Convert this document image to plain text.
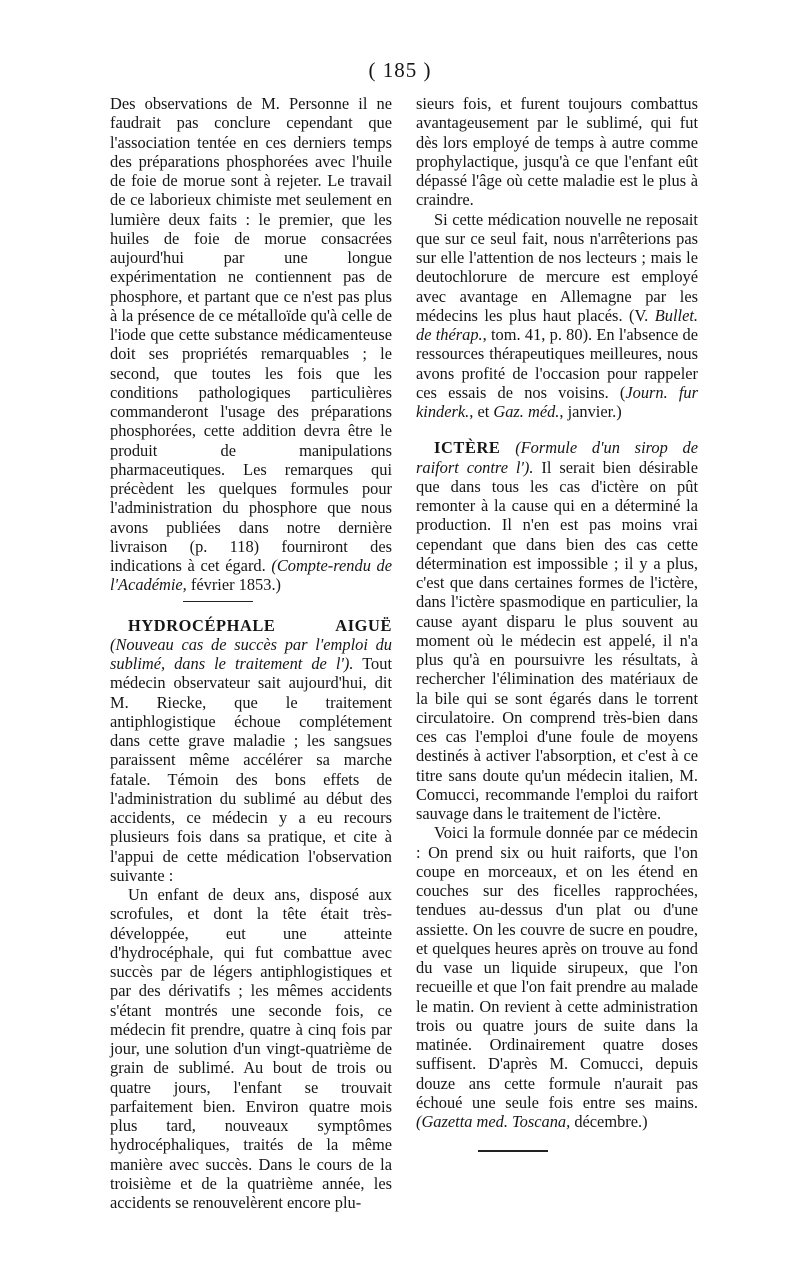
( 185 )

Des observations de M. Personne il ne faudrait pas conclure cependant que l'association tentée en ces derniers temps des préparations phosphorées avec l'huile de foie de morue sont à rejeter. Le travail de ce laborieux chimiste met seulement en lumière deux faits : le premier, que les huiles de foie de morue consacrées aujourd'hui par une longue expérimentation ne contiennent pas de phosphore, et partant que ce n'est pas plus à la présence de ce métalloïde qu'à celle de l'iode que cette substance médicamenteuse doit ses propriétés remarquables ; le second, que toutes les fois que les conditions pathologiques particulières commanderont l'usage des préparations phosphorées, cette addition devra être le produit de manipulations pharmaceutiques. Les remarques qui précèdent les quelques formules pour l'administration du phosphore que nous avons publiées dans notre dernière livraison (p. 118) fourniront des indications à cet égard. (Compte-rendu de l'Académie, février 1853.)

HYDROCÉPHALE AIGUË (Nouveau cas de succès par l'emploi du sublimé, dans le traitement de l'). Tout médecin observateur sait aujourd'hui, dit M. Riecke, que le traitement antiphlogistique échoue complétement dans cette grave maladie ; les sangsues paraissent même accélérer sa marche fatale. Témoin des bons effets de l'administration du sublimé au début des accidents, ce médecin y a eu recours plusieurs fois dans sa pratique, et cite à l'appui de cette médication l'observation suivante :

Un enfant de deux ans, disposé aux scrofules, et dont la tête était très-développée, eut une atteinte d'hydrocéphale, qui fut combattue avec succès par de légers antiphlogistiques et par des dérivatifs ; les mêmes accidents s'étant montrés une seconde fois, ce médecin fit prendre, quatre à cinq fois par jour, une solution d'un vingt-quatrième de grain de sublimé. Au bout de trois ou quatre jours, l'enfant se trouvait parfaitement bien. Environ quatre mois plus tard, nouveaux symptômes hydrocéphaliques, traités de la même manière avec succès. Dans le cours de la troisième et de la quatrième année, les accidents se renouvelèrent encore plu-

sieurs fois, et furent toujours combattus avantageusement par le sublimé, qui fut dès lors employé de temps à autre comme prophylactique, jusqu'à ce que l'enfant eût dépassé l'âge où cette maladie est le plus à craindre.

Si cette médication nouvelle ne reposait que sur ce seul fait, nous n'arrêterions pas sur elle l'attention de nos lecteurs ; mais le deutochlorure de mercure est employé avec avantage en Allemagne par les médecins les plus haut placés. (V. Bullet. de thérap., tom. 41, p. 80). En l'absence de ressources thérapeutiques meilleures, nous avons profité de l'occasion pour rappeler ces essais de nos voisins. (Journ. fur kinderk., et Gaz. méd., janvier.)

ICTÈRE (Formule d'un sirop de raifort contre l'). Il serait bien désirable que dans tous les cas d'ictère on pût remonter à la cause qui en a déterminé la production. Il n'en est pas moins vrai cependant que dans bien des cas cette détermination est impossible ; il y a plus, c'est que dans certaines formes de l'ictère, dans l'ictère spasmodique en particulier, la cause ayant disparu le plus souvent au moment où le médecin est appelé, il n'a plus qu'à en poursuivre les résultats, à rechercher l'élimination des matériaux de la bile qui se sont égarés dans le torrent circulatoire. On comprend très-bien dans ces cas l'emploi d'une foule de moyens destinés à activer l'absorption, et c'est à ce titre sans doute qu'un médecin italien, M. Comucci, recommande l'emploi du raifort sauvage dans le traitement de l'ictère.

Voici la formule donnée par ce médecin : On prend six ou huit raiforts, que l'on coupe en morceaux, et on les étend en couches sur des ficelles rapprochées, tendues au-dessus d'un plat ou d'une assiette. On les couvre de sucre en poudre, et quelques heures après on trouve au fond du vase un liquide sirupeux, que l'on recueille et que l'on fait prendre au malade le matin. On revient à cette administration trois ou quatre jours de suite dans la matinée. Ordinairement quatre doses suffisent. D'après M. Comucci, depuis douze ans cette formule n'aurait pas échoué une seule fois entre ses mains. (Gazetta med. Toscana, décembre.)
